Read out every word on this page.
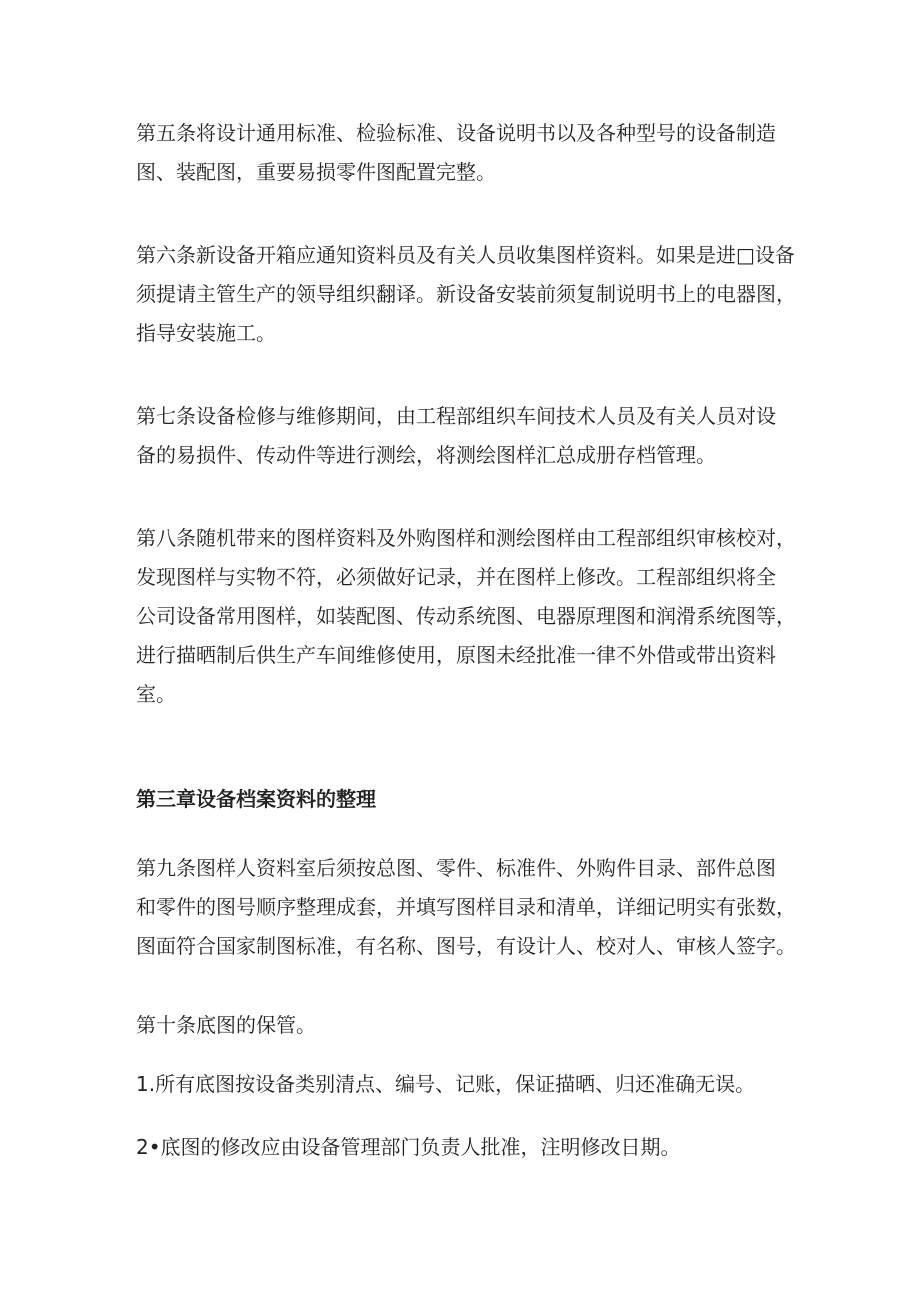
第五条将设计通用标准、检验标准、设备说明书以及各种型号的设备制造
图、装配图，重要易损零件图配置完整。

第六条新设备开箱应通知资料员及有关人员收集图样资料。如果是进□设备
须提请主管生产的领导组织翻译。新设备安装前须复制说明书上的电器图，
指导安装施工。

第七条设备检修与维修期间，由工程部组织车间技术人员及有关人员对设
备的易损件、传动件等进行测绘，将测绘图样汇总成册存档管理。

第八条随机带来的图样资料及外购图样和测绘图样由工程部组织审核校对，
发现图样与实物不符，必须做好记录，并在图样上修改。工程部组织将全
公司设备常用图样，如装配图、传动系统图、电器原理图和润滑系统图等，
进行描晒制后供生产车间维修使用，原图未经批准一律不外借或带出资料
室。

第三章设备档案资料的整理

第九条图样人资料室后须按总图、零件、标准件、外购件目录、部件总图
和零件的图号顺序整理成套，并填写图样目录和清单，详细记明实有张数，
图面符合国家制图标准，有名称、图号，有设计人、校对人、审核人签字。

第十条底图的保管。

1.所有底图按设备类别清点、编号、记账，保证描晒、归还准确无误。

2•底图的修改应由设备管理部门负责人批准，注明修改日期。
